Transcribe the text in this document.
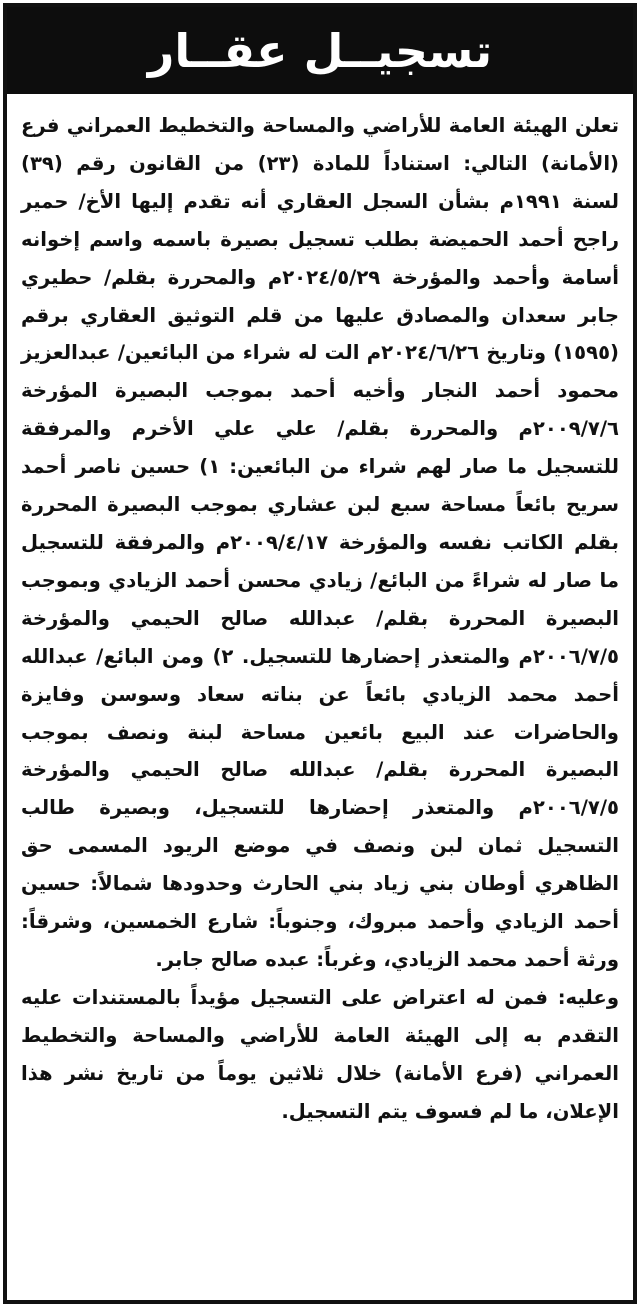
تسجيــل عقــار

تعلن الهيئة العامة للأراضي والمساحة والتخطيط العمراني فرع (الأمانة) التالي: استناداً للمادة (٢٣) من القانون رقم (٣٩) لسنة ١٩٩١م بشأن السجل العقاري أنه تقدم إليها الأخ/ حمير راجح أحمد الحميضة بطلب تسجيل بصيرة باسمه واسم إخوانه أسامة وأحمد والمؤرخة ٢٠٢٤/٥/٢٩م والمحررة بقلم/ حطيري جابر سعدان والمصادق عليها من قلم التوثيق العقاري برقم (١٥٩٥) وتاريخ ٢٠٢٤/٦/٢٦م الت له شراء من البائعين/ عبدالعزيز محمود أحمد النجار وأخيه أحمد بموجب البصيرة المؤرخة ٢٠٠٩/٧/٦م والمحررة بقلم/ علي علي الأخرم والمرفقة للتسجيل ما صار لهم شراء من البائعين: ١) حسين ناصر أحمد سريح بائعاً مساحة سبع لبن عشاري بموجب البصيرة المحررة بقلم الكاتب نفسه والمؤرخة ٢٠٠٩/٤/١٧م والمرفقة للتسجيل ما صار له شراءً من البائع/ زيادي محسن أحمد الزيادي وبموجب البصيرة المحررة بقلم/ عبدالله صالح الحيمي والمؤرخة ٢٠٠٦/٧/٥م والمتعذر إحضارها للتسجيل. ٢) ومن البائع/ عبدالله أحمد محمد الزيادي بائعاً عن بناته سعاد وسوسن وفايزة والحاضرات عند البيع بائعين مساحة لبنة ونصف بموجب البصيرة المحررة بقلم/ عبدالله صالح الحيمي والمؤرخة ٢٠٠٦/٧/٥م والمتعذر إحضارها للتسجيل، وبصيرة طالب التسجيل ثمان لبن ونصف في موضع الريود المسمى حق الظاهري أوطان بني زياد بني الحارث وحدودها شمالاً: حسين أحمد الزيادي وأحمد مبروك، وجنوباً: شارع الخمسين، وشرقاً: ورثة أحمد محمد الزيادي، وغرباً: عبده صالح جابر.

وعليه: فمن له اعتراض على التسجيل مؤيداً بالمستندات عليه التقدم به إلى الهيئة العامة للأراضي والمساحة والتخطيط العمراني (فرع الأمانة) خلال ثلاثين يوماً من تاريخ نشر هذا الإعلان، ما لم فسوف يتم التسجيل.
